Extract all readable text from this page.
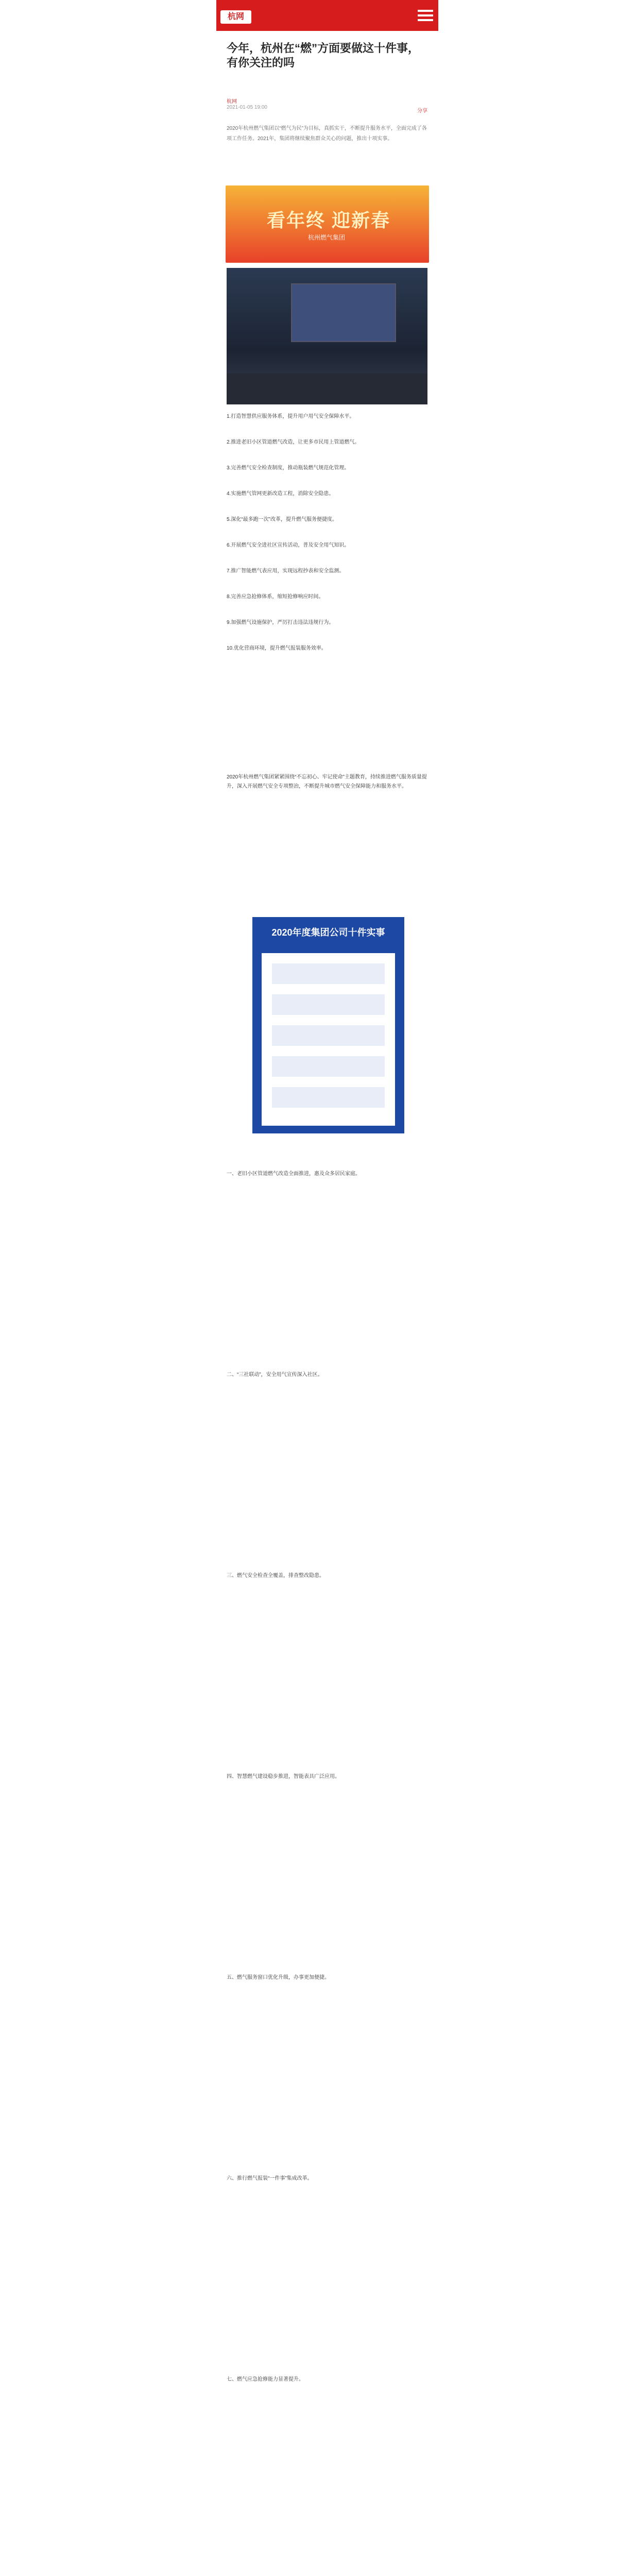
杭网
今年，杭州在“燃”方面要做这十件事，有你关注的吗
杭网
2021-01-05 19:00
分享
2020年杭州燃气集团以“燃气为民”为目标，真抓实干，不断提升服务水平，全面完成了各项工作任务。2021年，集团将继续聚焦群众关心的问题，推出十项实事。
看年终 迎新春
杭州燃气集团
1.打造智慧供应服务体系，提升用户用气安全保障水平。
2.推进老旧小区管道燃气改造，让更多市民用上管道燃气。
3.完善燃气安全检查制度，推动瓶装燃气规范化管理。
4.实施燃气管网更新改造工程，消除安全隐患。
5.深化“最多跑一次”改革，提升燃气服务便捷度。
6.开展燃气安全进社区宣传活动，普及安全用气知识。
7.推广智能燃气表应用，实现远程抄表和安全监测。
8.完善应急抢修体系，缩短抢修响应时间。
9.加强燃气设施保护，严厉打击违法违规行为。
10.优化营商环境，提升燃气报装服务效率。
2020年杭州燃气集团紧紧围绕“不忘初心、牢记使命”主题教育，持续推进燃气服务质量提升，深入开展燃气安全专项整治，不断提升城市燃气安全保障能力和服务水平。
2020年度集团公司十件实事
一、老旧小区管道燃气改造全面推进，惠及众多居民家庭。
二、“三社联动”，安全用气宣传深入社区。
三、燃气安全检查全覆盖，排查整改隐患。
四、智慧燃气建设稳步推进，智能表具广泛应用。
五、燃气服务窗口优化升级，办事更加便捷。
六、推行燃气报装“一件事”集成改革。
七、燃气应急抢修能力显著提升。
